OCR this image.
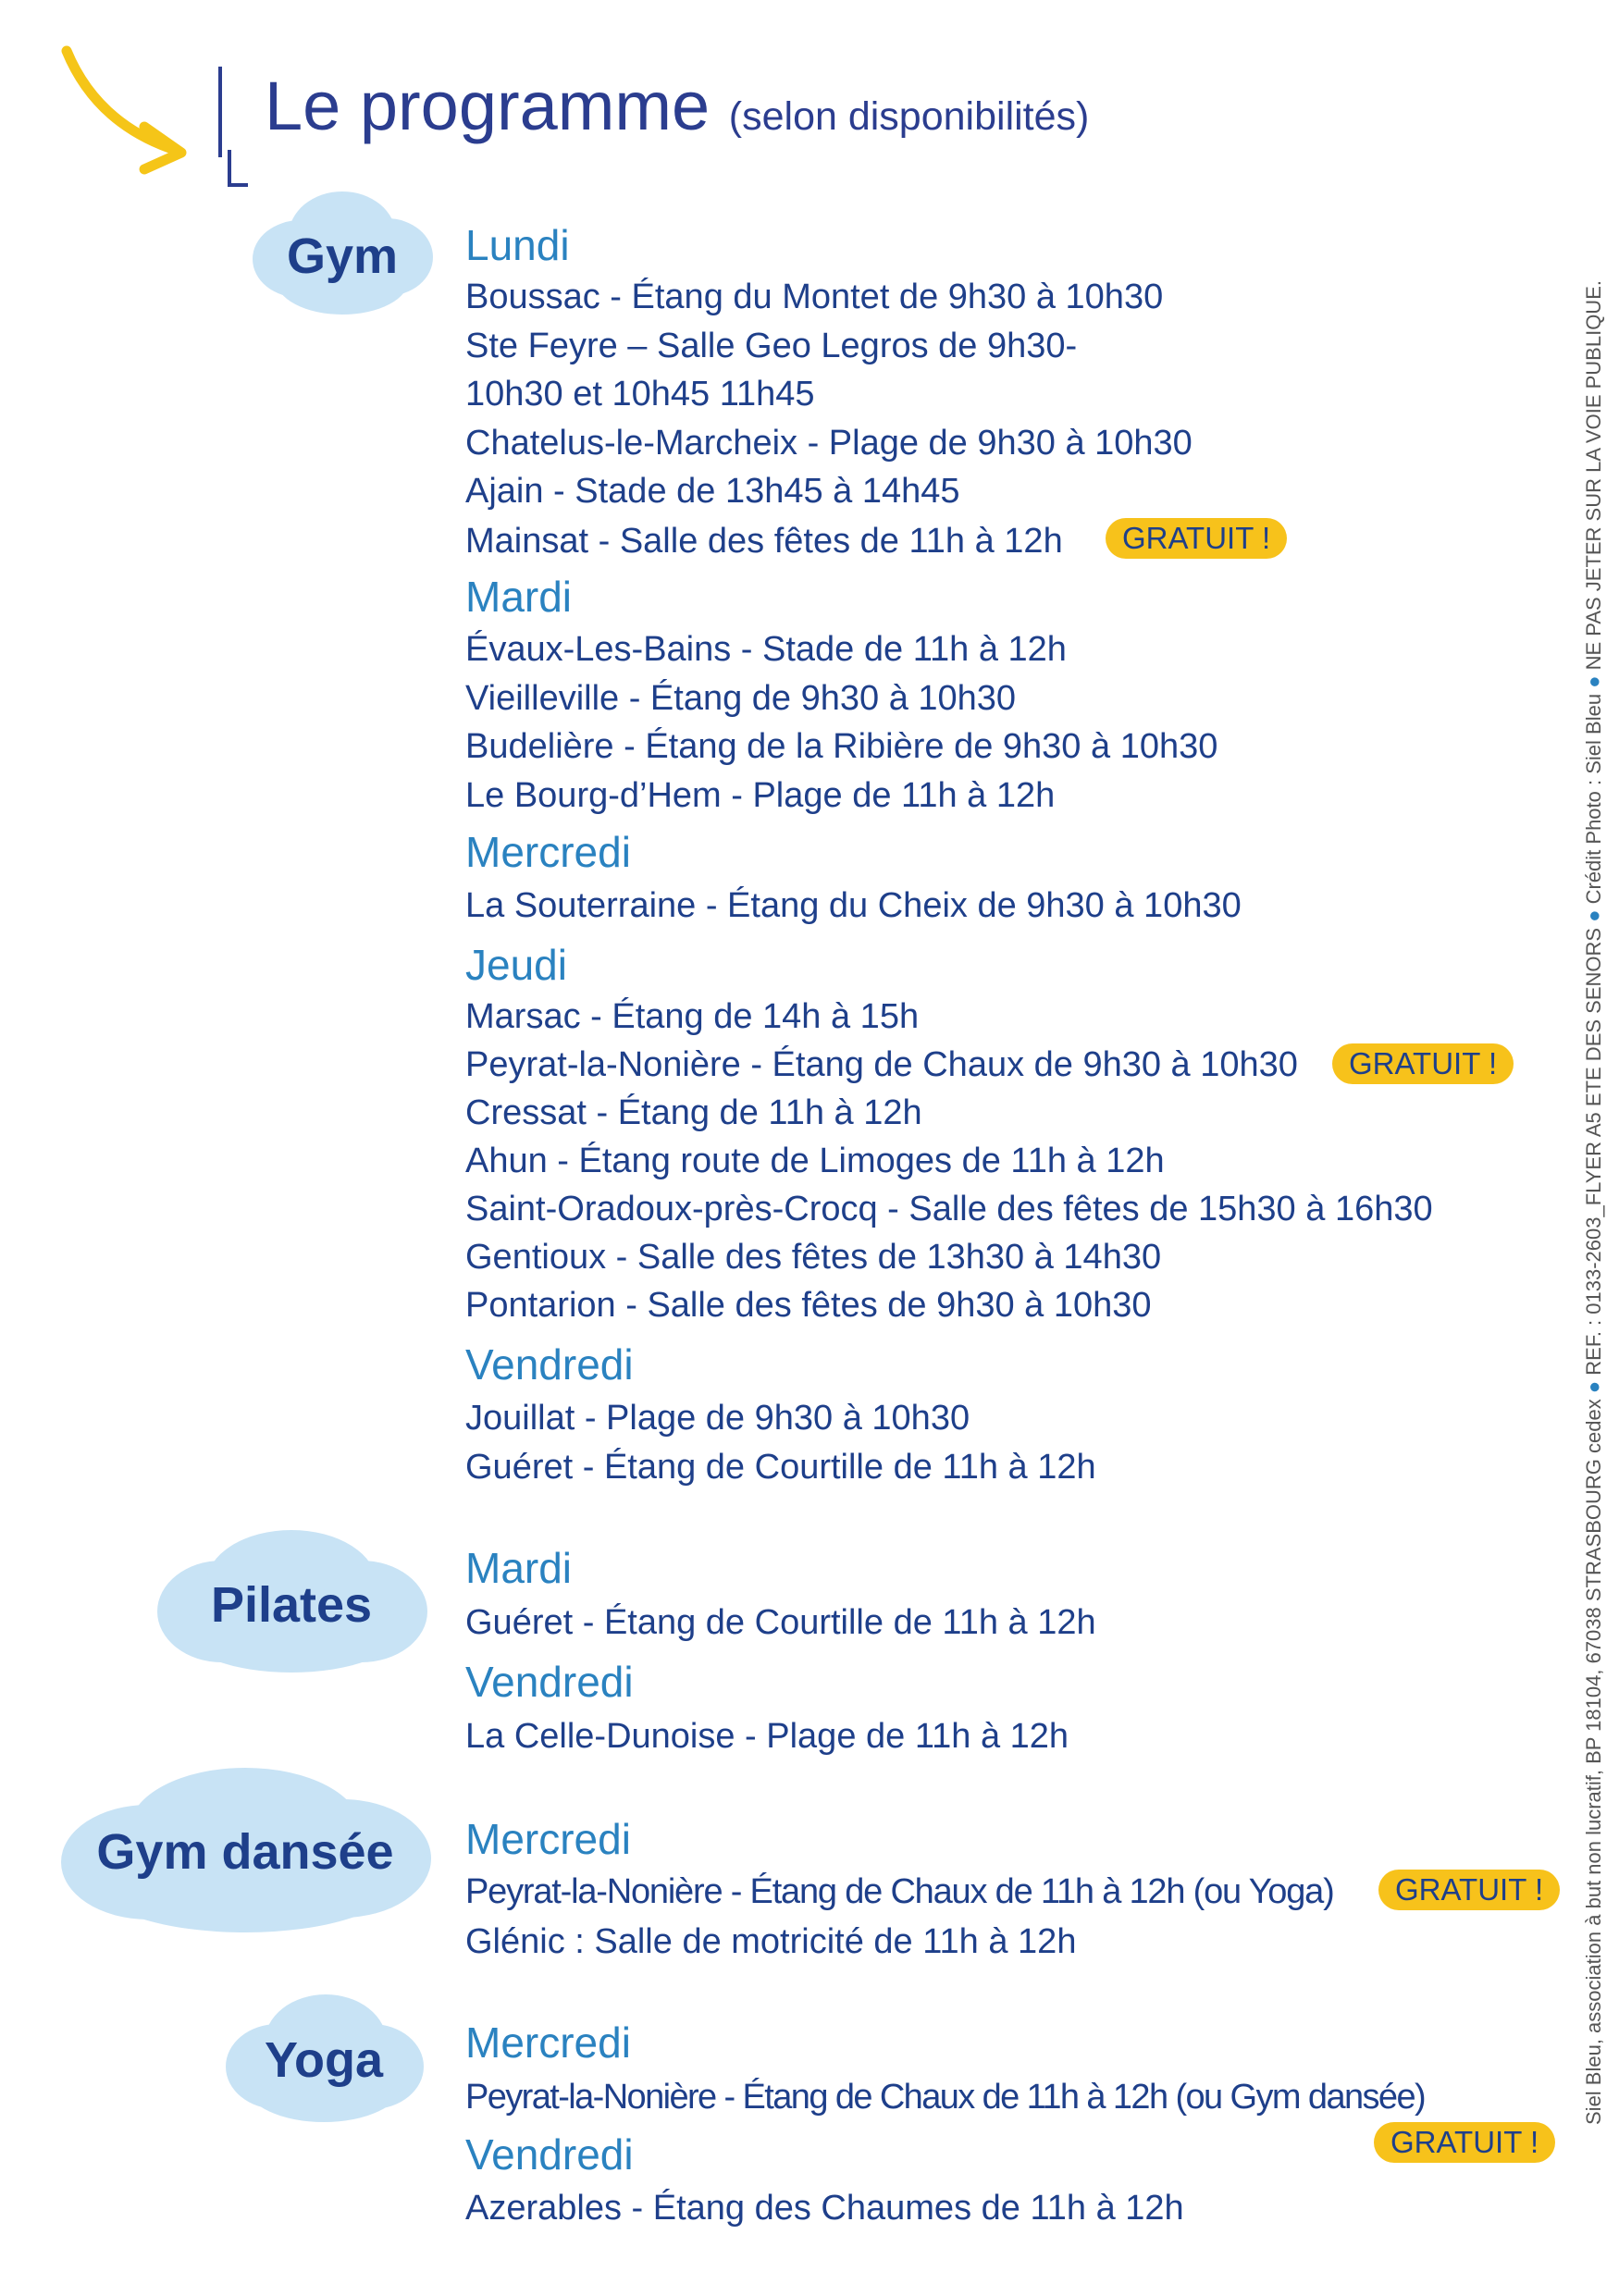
Le programme (selon disponibilités)
Gym
Pilates
Gym dansée
Yoga
Lundi
Boussac - Étang du Montet de 9h30 à 10h30
Ste Feyre – Salle Geo Legros de 9h30-
10h30 et 10h45 11h45
Chatelus-le-Marcheix - Plage de 9h30 à 10h30
Ajain - Stade de 13h45 à 14h45
Mainsat - Salle des fêtes de 11h à 12h	GRATUIT !
Mardi
Évaux-Les-Bains - Stade de 11h à 12h
Vieilleville - Étang de 9h30 à 10h30
Budelière - Étang de la Ribière de 9h30 à 10h30
Le Bourg-d’Hem - Plage de 11h à 12h
Mercredi
La Souterraine - Étang du Cheix de 9h30 à 10h30
Jeudi
Marsac - Étang de 14h à 15h
Peyrat-la-Nonière - Étang de Chaux de 9h30 à 10h30	GRATUIT !
Cressat - Étang de 11h à 12h
Ahun - Étang route de Limoges de 11h à 12h
Saint-Oradoux-près-Crocq - Salle des fêtes de 15h30 à 16h30
Gentioux - Salle des fêtes de 13h30 à 14h30
Pontarion - Salle des fêtes de 9h30 à 10h30
Vendredi
Jouillat - Plage de 9h30 à 10h30
Guéret - Étang de Courtille de 11h à 12h
Mardi
Guéret - Étang de Courtille de 11h à 12h
Vendredi
La Celle-Dunoise - Plage de 11h à 12h
Mercredi
Peyrat-la-Nonière - Étang de Chaux de 11h à 12h (ou Yoga)	GRATUIT !
Glénic : Salle de motricité de 11h à 12h
Mercredi
Peyrat-la-Nonière - Étang de Chaux de 11h à 12h (ou Gym dansée)
Vendredi	GRATUIT !
Azerables - Étang des Chaumes de 11h à 12h
Siel Bleu, association à but non lucratif, BP 18104, 67038 STRASBOURG cedex ● REF. : 0133-2603_FLYER A5 ETE DES SENORS ● Crédit Photo : Siel Bleu ● NE PAS JETER SUR LA VOIE PUBLIQUE.
